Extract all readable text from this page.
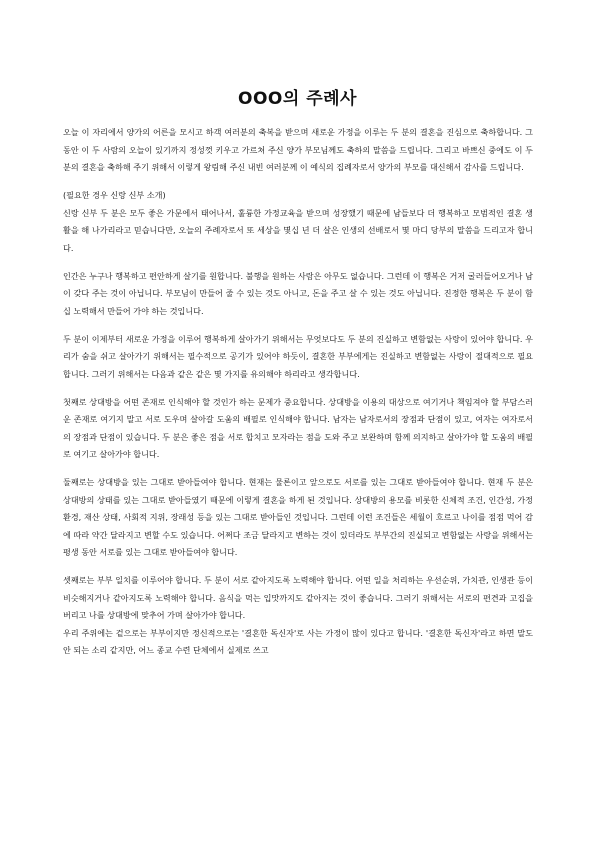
OOO의 주례사

오늘 이 자리에서 양가의 어른을 모시고 하객 여러분의 축복을 받으며 새로운 가정을 이루는 두 분의 결혼을 진심으로 축하합니다. 그동안 이 두 사람의 오늘이 있기까지 정성껏 키우고 가르쳐 주신 양가 부모님께도 축하의 말씀을 드립니다. 그리고 바쁘신 중에도 이 두 분의 결혼을 축하해 주기 위해서 이렇게 왕림해 주신 내빈 여러분께 이 예식의 집례자로서 양가의 부모를 대신해서 감사를 드립니다.

(필요한 경우 신랑 신부 소개)
신랑 신부 두 분은 모두 좋은 가문에서 태어나서, 훌륭한 가정교육을 받으며 성장했기 때문에 남들보다 더 행복하고 모범적인 결혼 생활을 해 나가리라고 믿습니다만, 오늘의 주례자로서 또 세상을 몇십 년 더 살은 인생의 선배로서 몇 마디 당부의 말씀을 드리고자 합니다.

인간은 누구나 행복하고 편안하게 살기를 원합니다. 불행을 원하는 사람은 아무도 없습니다. 그런데 이 행복은 거저 굴러들어오거나 남이 갖다 주는 것이 아닙니다. 부모님이 만들어 줄 수 있는 것도 아니고, 돈을 주고 살 수 있는 것도 아닙니다. 진정한 행복은 두 분이 함십 노력해서 만들어 가야 하는 것입니다.

두 분이 이제부터 새로운 가정을 이루어 행복하게 살아가기 위해서는 무엇보다도 두 분의 진실하고 변함없는 사랑이 있어야 합니다. 우리가 숨을 쉬고 살아가기 위해서는 필수적으로 공기가 있어야 하듯이, 결혼한 부부에게는 진실하고 변함없는 사랑이 절대적으로 필요합니다. 그러기 위해서는 다음과 같은 같은 몇 가지를 유의해야 하리라고 생각합니다.

첫째로 상대방을 어떤 존재로 인식해야 할 것인가 하는 문제가 중요합니다. 상대방을 이용의 대상으로 여기거나 책임져야 할 부담스러운 존재로 여기지 말고 서로 도우며 살아갈 도움의 배필로 인식해야 합니다. 남자는 남자로서의 장점과 단점이 있고, 여자는 여자로서의 장점과 단점이 있습니다. 두 분은 좋은 점을 서로 합치고 모자라는 점을 도와 주고 보완하며 함께 의지하고 살아가야 할 도움의 배필로 여기고 살아가야 합니다.

둘째로는 상대방을 있는 그대로 받아들여야 합니다. 현재는 물론이고 앞으로도 서로를 있는 그대로 받아들여야 합니다. 현재 두 분은 상대방의 상태를 있는 그대로 받아들였기 때문에 이렇게 결혼을 하게 된 것입니다. 상대방의 용모를 비롯한 신체적 조건, 인간성, 가정환경, 재산 상태, 사회적 지위, 장래성 등을 있는 그대로 받아들인 것입니다. 그런데 이런 조건들은 세월이 흐르고 나이를 점점 먹어 감에 따라 약간 달라지고 변할 수도 있습니다. 어쩌다 조금 달라지고 변하는 것이 있더라도 부부간의 진실되고 변함없는 사랑을 위해서는 평생 동안 서로를 있는 그대로 받아들여야 합니다.

셋째로는 부부 일치를 이루어야 합니다. 두 분이 서로 같아지도록 노력해야 합니다. 어떤 일을 처리하는 우선순위, 가치관, 인생관 등이 비슷해지거나 같아지도록 노력해야 합니다. 음식을 먹는 입맛까지도 같아지는 것이 좋습니다. 그러기 위해서는 서로의 편견과 고집을 버리고 나를 상대방에 맞추어 가며 살아가야 합니다.
우리 주위에는 겉으로는 부부이지만 정신적으로는 '결혼한 독신자'로 사는 가정이 많이 있다고 합니다. '결혼한 독신자'라고 하면 말도 안 되는 소리 같지만, 어느 종교 수련 단체에서 실제로 쓰고
